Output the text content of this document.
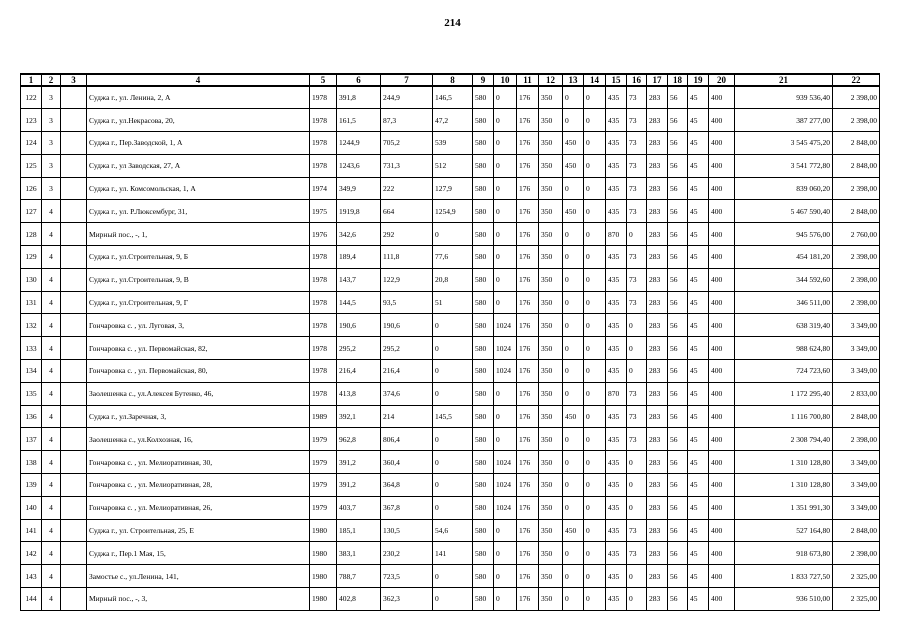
214
1	2	3	4	5	6	7	8	9	10	11	12	13	14	15	16	17	18	19	20	21	22
122	3		Суджа г., ул. Ленина, 2, А	1978	391,8	244,9	146,5	580	0	176	350	0	0	435	73	283	56	45	400	939 536,40	2 398,00
123	3		Суджа г., ул.Некрасова, 20,	1978	161,5	87,3	47,2	580	0	176	350	0	0	435	73	283	56	45	400	387 277,00	2 398,00
124	3		Суджа г., Пер.Заводской, 1, А	1978	1244,9	705,2	539	580	0	176	350	450	0	435	73	283	56	45	400	3 545 475,20	2 848,00
125	3		Суджа г., ул Заводская, 27, А	1978	1243,6	731,3	512	580	0	176	350	450	0	435	73	283	56	45	400	3 541 772,80	2 848,00
126	3		Суджа г., ул. Комсомольская, 1, А	1974	349,9	222	127,9	580	0	176	350	0	0	435	73	283	56	45	400	839 060,20	2 398,00
127	4		Суджа г., ул. Р.Люксембург, 31,	1975	1919,8	664	1254,9	580	0	176	350	450	0	435	73	283	56	45	400	5 467 590,40	2 848,00
128	4		Мирный пос., -, 1,	1976	342,6	292	0	580	0	176	350	0	0	870	0	283	56	45	400	945 576,00	2 760,00
129	4		Суджа г., ул.Строительная, 9, Б	1978	189,4	111,8	77,6	580	0	176	350	0	0	435	73	283	56	45	400	454 181,20	2 398,00
130	4		Суджа г., ул.Строительная, 9, В	1978	143,7	122,9	20,8	580	0	176	350	0	0	435	73	283	56	45	400	344 592,60	2 398,00
131	4		Суджа г., ул.Строительная, 9, Г	1978	144,5	93,5	51	580	0	176	350	0	0	435	73	283	56	45	400	346 511,00	2 398,00
132	4		Гончаровка с. , ул. Луговая, 3,	1978	190,6	190,6	0	580	1024	176	350	0	0	435	0	283	56	45	400	638 319,40	3 349,00
133	4		Гончаровка с. , ул. Первомайская, 82,	1978	295,2	295,2	0	580	1024	176	350	0	0	435	0	283	56	45	400	988 624,80	3 349,00
134	4		Гончаровка с. , ул. Первомайская, 80,	1978	216,4	216,4	0	580	1024	176	350	0	0	435	0	283	56	45	400	724 723,60	3 349,00
135	4		Заолешенка с., ул.Алексея Бутенко, 46,	1978	413,8	374,6	0	580	0	176	350	0	0	870	73	283	56	45	400	1 172 295,40	2 833,00
136	4		Суджа г., ул.Заречная, 3,	1989	392,1	214	145,5	580	0	176	350	450	0	435	73	283	56	45	400	1 116 700,80	2 848,00
137	4		Заолешенка с., ул.Колхозная, 16,	1979	962,8	806,4	0	580	0	176	350	0	0	435	73	283	56	45	400	2 308 794,40	2 398,00
138	4		Гончаровка с. , ул. Мелиоративная, 30,	1979	391,2	360,4	0	580	1024	176	350	0	0	435	0	283	56	45	400	1 310 128,80	3 349,00
139	4		Гончаровка с. , ул. Мелиоративная, 28,	1979	391,2	364,8	0	580	1024	176	350	0	0	435	0	283	56	45	400	1 310 128,80	3 349,00
140	4		Гончаровка с. , ул. Мелиоративная, 26,	1979	403,7	367,8	0	580	1024	176	350	0	0	435	0	283	56	45	400	1 351 991,30	3 349,00
141	4		Суджа г., ул. Строительная, 25, Е	1980	185,1	130,5	54,6	580	0	176	350	450	0	435	73	283	56	45	400	527 164,80	2 848,00
142	4		Суджа г., Пер.1 Мая, 15,	1980	383,1	230,2	141	580	0	176	350	0	0	435	73	283	56	45	400	918 673,80	2 398,00
143	4		Замостье с., ул.Ленина, 141,	1980	788,7	723,5	0	580	0	176	350	0	0	435	0	283	56	45	400	1 833 727,50	2 325,00
144	4		Мирный пос., -, 3,	1980	402,8	362,3	0	580	0	176	350	0	0	435	0	283	56	45	400	936 510,00	2 325,00
